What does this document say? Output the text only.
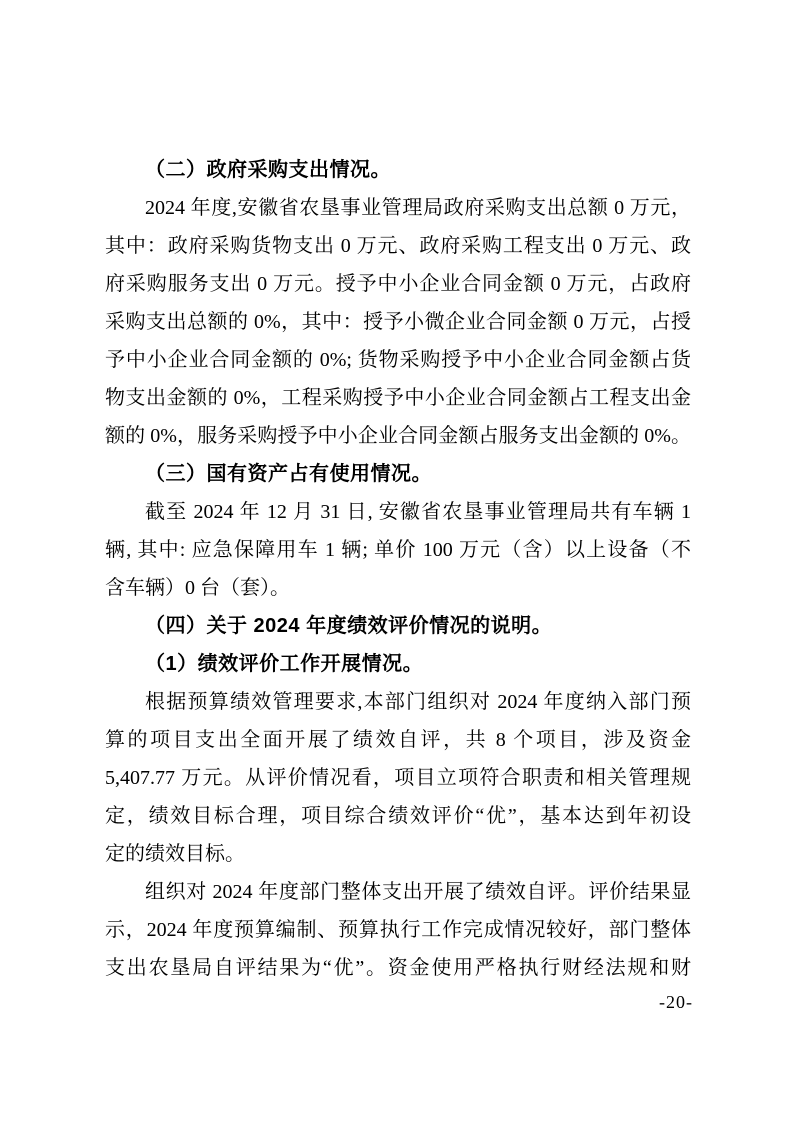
（二）政府采购支出情况。
2024 年度,安徽省农垦事业管理局政府采购支出总额 0 万元，
其中：政府采购货物支出 0 万元、政府采购工程支出 0 万元、政
府采购服务支出 0 万元。授予中小企业合同金额 0 万元，占政府
采购支出总额的 0%，其中：授予小微企业合同金额 0 万元，占授
予中小企业合同金额的 0%; 货物采购授予中小企业合同金额占货
物支出金额的 0%，工程采购授予中小企业合同金额占工程支出金
额的 0%，服务采购授予中小企业合同金额占服务支出金额的 0%。
（三）国有资产占有使用情况。
截至 2024 年 12 月 31 日, 安徽省农垦事业管理局共有车辆 1
辆, 其中: 应急保障用车 1 辆; 单价 100 万元（含）以上设备（不
含车辆）0 台（套）。
（四）关于 2024 年度绩效评价情况的说明。
（1）绩效评价工作开展情况。
根据预算绩效管理要求,本部门组织对 2024 年度纳入部门预
算的项目支出全面开展了绩效自评，共 8 个项目，涉及资金
5,407.77 万元。从评价情况看，项目立项符合职责和相关管理规
定，绩效目标合理，项目综合绩效评价“优”，基本达到年初设
定的绩效目标。
组织对 2024 年度部门整体支出开展了绩效自评。评价结果显
示，2024 年度预算编制、预算执行工作完成情况较好，部门整体
支出农垦局自评结果为“优”。资金使用严格执行财经法规和财
-20-
